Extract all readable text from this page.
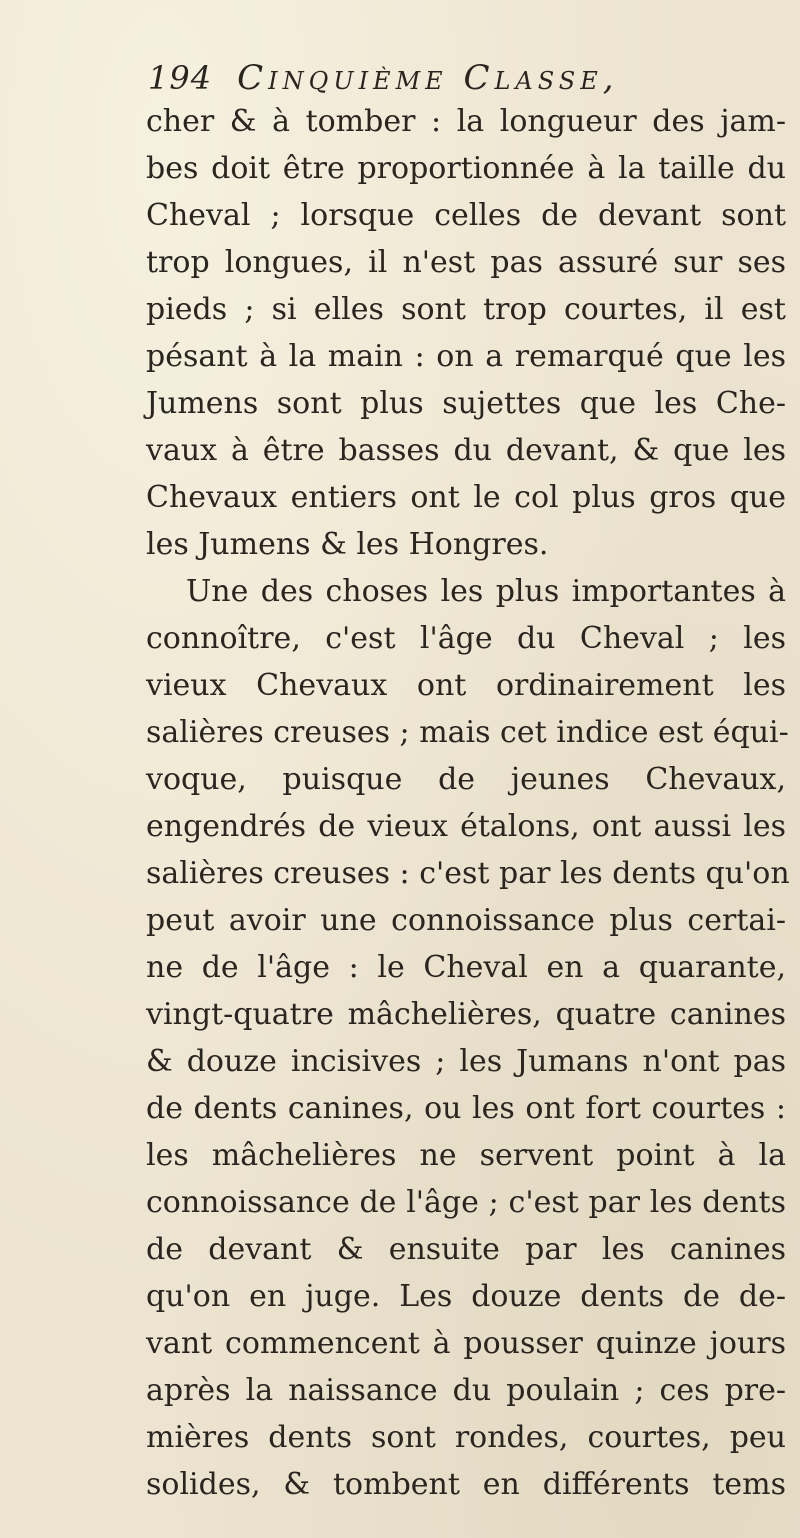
194 Cinquième Classe,
cher & à tomber : la longueur des jam-
bes doit être proportionnée à la taille du
Cheval ; lorsque celles de devant sont
trop longues, il n'est pas assuré sur ses
pieds ; si elles sont trop courtes, il est
pésant à la main : on a remarqué que les
Jumens sont plus sujettes que les Che-
vaux à être basses du devant, & que les
Chevaux entiers ont le col plus gros que
les Jumens & les Hongres.
Une des choses les plus importantes à
connoître, c'est l'âge du Cheval ; les
vieux Chevaux ont ordinairement les
salières creuses ; mais cet indice est équi-
voque, puisque de jeunes Chevaux,
engendrés de vieux étalons, ont aussi les
salières creuses : c'est par les dents qu'on
peut avoir une connoissance plus certai-
ne de l'âge : le Cheval en a quarante,
vingt-quatre mâchelières, quatre canines
& douze incisives ; les Jumans n'ont pas
de dents canines, ou les ont fort courtes :
les mâchelières ne servent point à la
connoissance de l'âge ; c'est par les dents
de devant & ensuite par les canines
qu'on en juge. Les douze dents de de-
vant commencent à pousser quinze jours
après la naissance du poulain ; ces pre-
mières dents sont rondes, courtes, peu
solides, & tombent en différents tems
